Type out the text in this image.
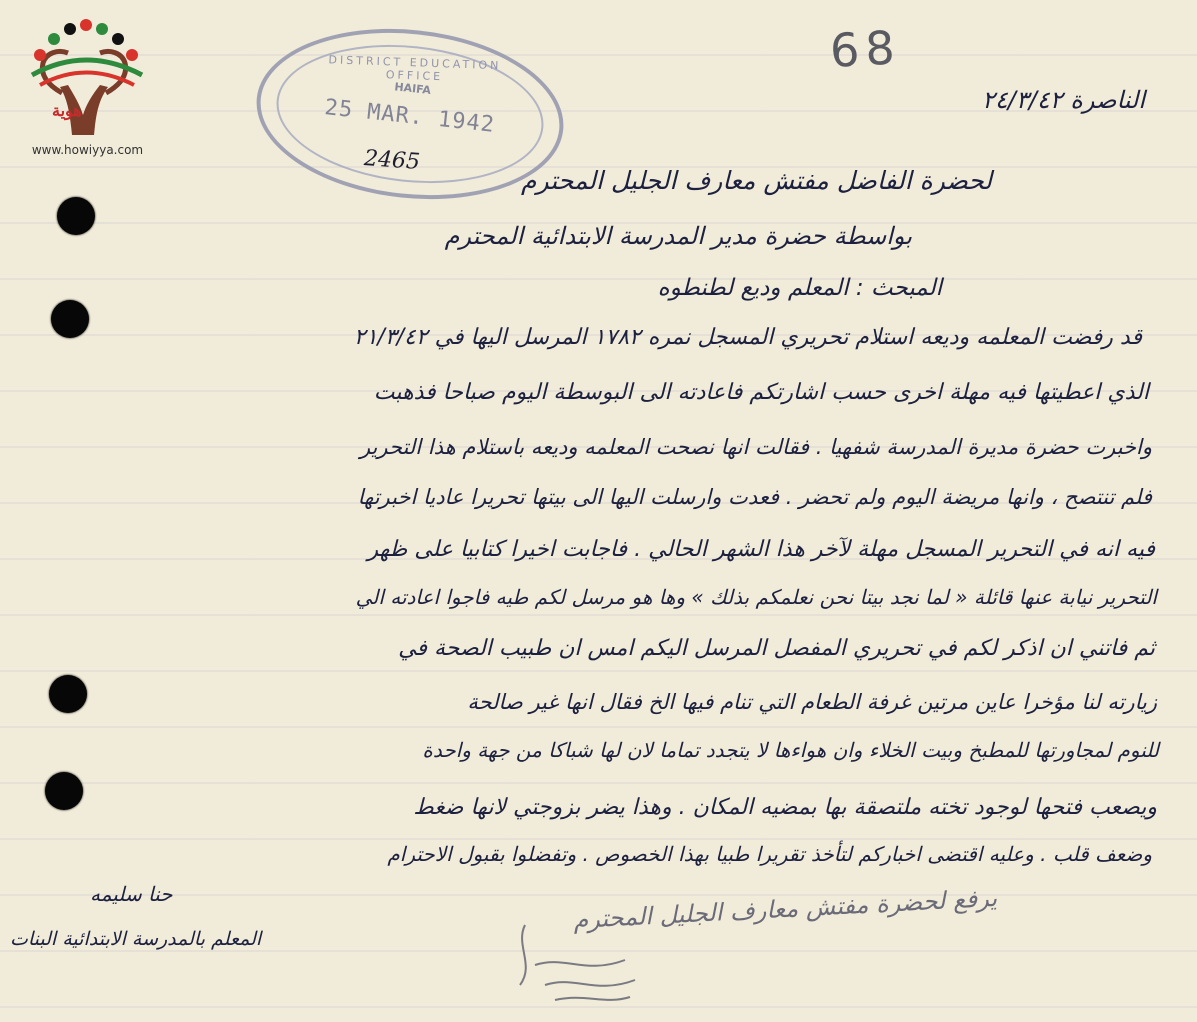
هوية
www.howiyya.com
DISTRICT EDUCATION OFFICE
HAIFA
25 MAR. 1942
2465
68
الناصرة ٢٤/٣/٤٢
لحضرة الفاضل مفتش معارف الجليل المحترم
بواسطة حضرة مدير المدرسة الابتدائية المحترم
المبحث : المعلم وديع لطنطوه
قد رفضت المعلمه وديعه استلام تحريري المسجل نمره ١٧٨٢ المرسل اليها في ٢١/٣/٤٢
الذي اعطيتها فيه مهلة اخرى حسب اشارتكم فاعادته الى البوسطة اليوم صباحا فذهبت
واخبرت حضرة مديرة المدرسة شفهيا . فقالت انها نصحت المعلمه وديعه باستلام هذا التحرير
فلم تنتصح ، وانها مريضة اليوم ولم تحضر . فعدت وارسلت اليها الى بيتها تحريرا عاديا اخبرتها
فيه انه في التحرير المسجل مهلة لآخر هذا الشهر الحالي . فاجابت اخيرا كتابيا على ظهر
التحرير نيابة عنها قائلة « لما نجد بيتا نحن نعلمكم بذلك » وها هو مرسل لكم طيه فاجوا اعادته الي
ثم فاتني ان اذكر لكم في تحريري المفصل المرسل اليكم امس ان طبيب الصحة في
زيارته لنا مؤخرا عاين مرتين غرفة الطعام التي تنام فيها الخ فقال انها غير صالحة
للنوم لمجاورتها للمطبخ وبيت الخلاء وان هواءها لا يتجدد تماما لان لها شباكا من جهة واحدة
ويصعب فتحها لوجود تخته ملتصقة بها بمضيه المكان . وهذا يضر بزوجتي لانها ضغط
وضعف قلب . وعليه اقتضى اخباركم لتأخذ تقريرا طبيا بهذا الخصوص . وتفضلوا بقبول الاحترام
حنا سليمه
المعلم بالمدرسة الابتدائية البنات
يرفع لحضرة مفتش معارف الجليل المحترم
